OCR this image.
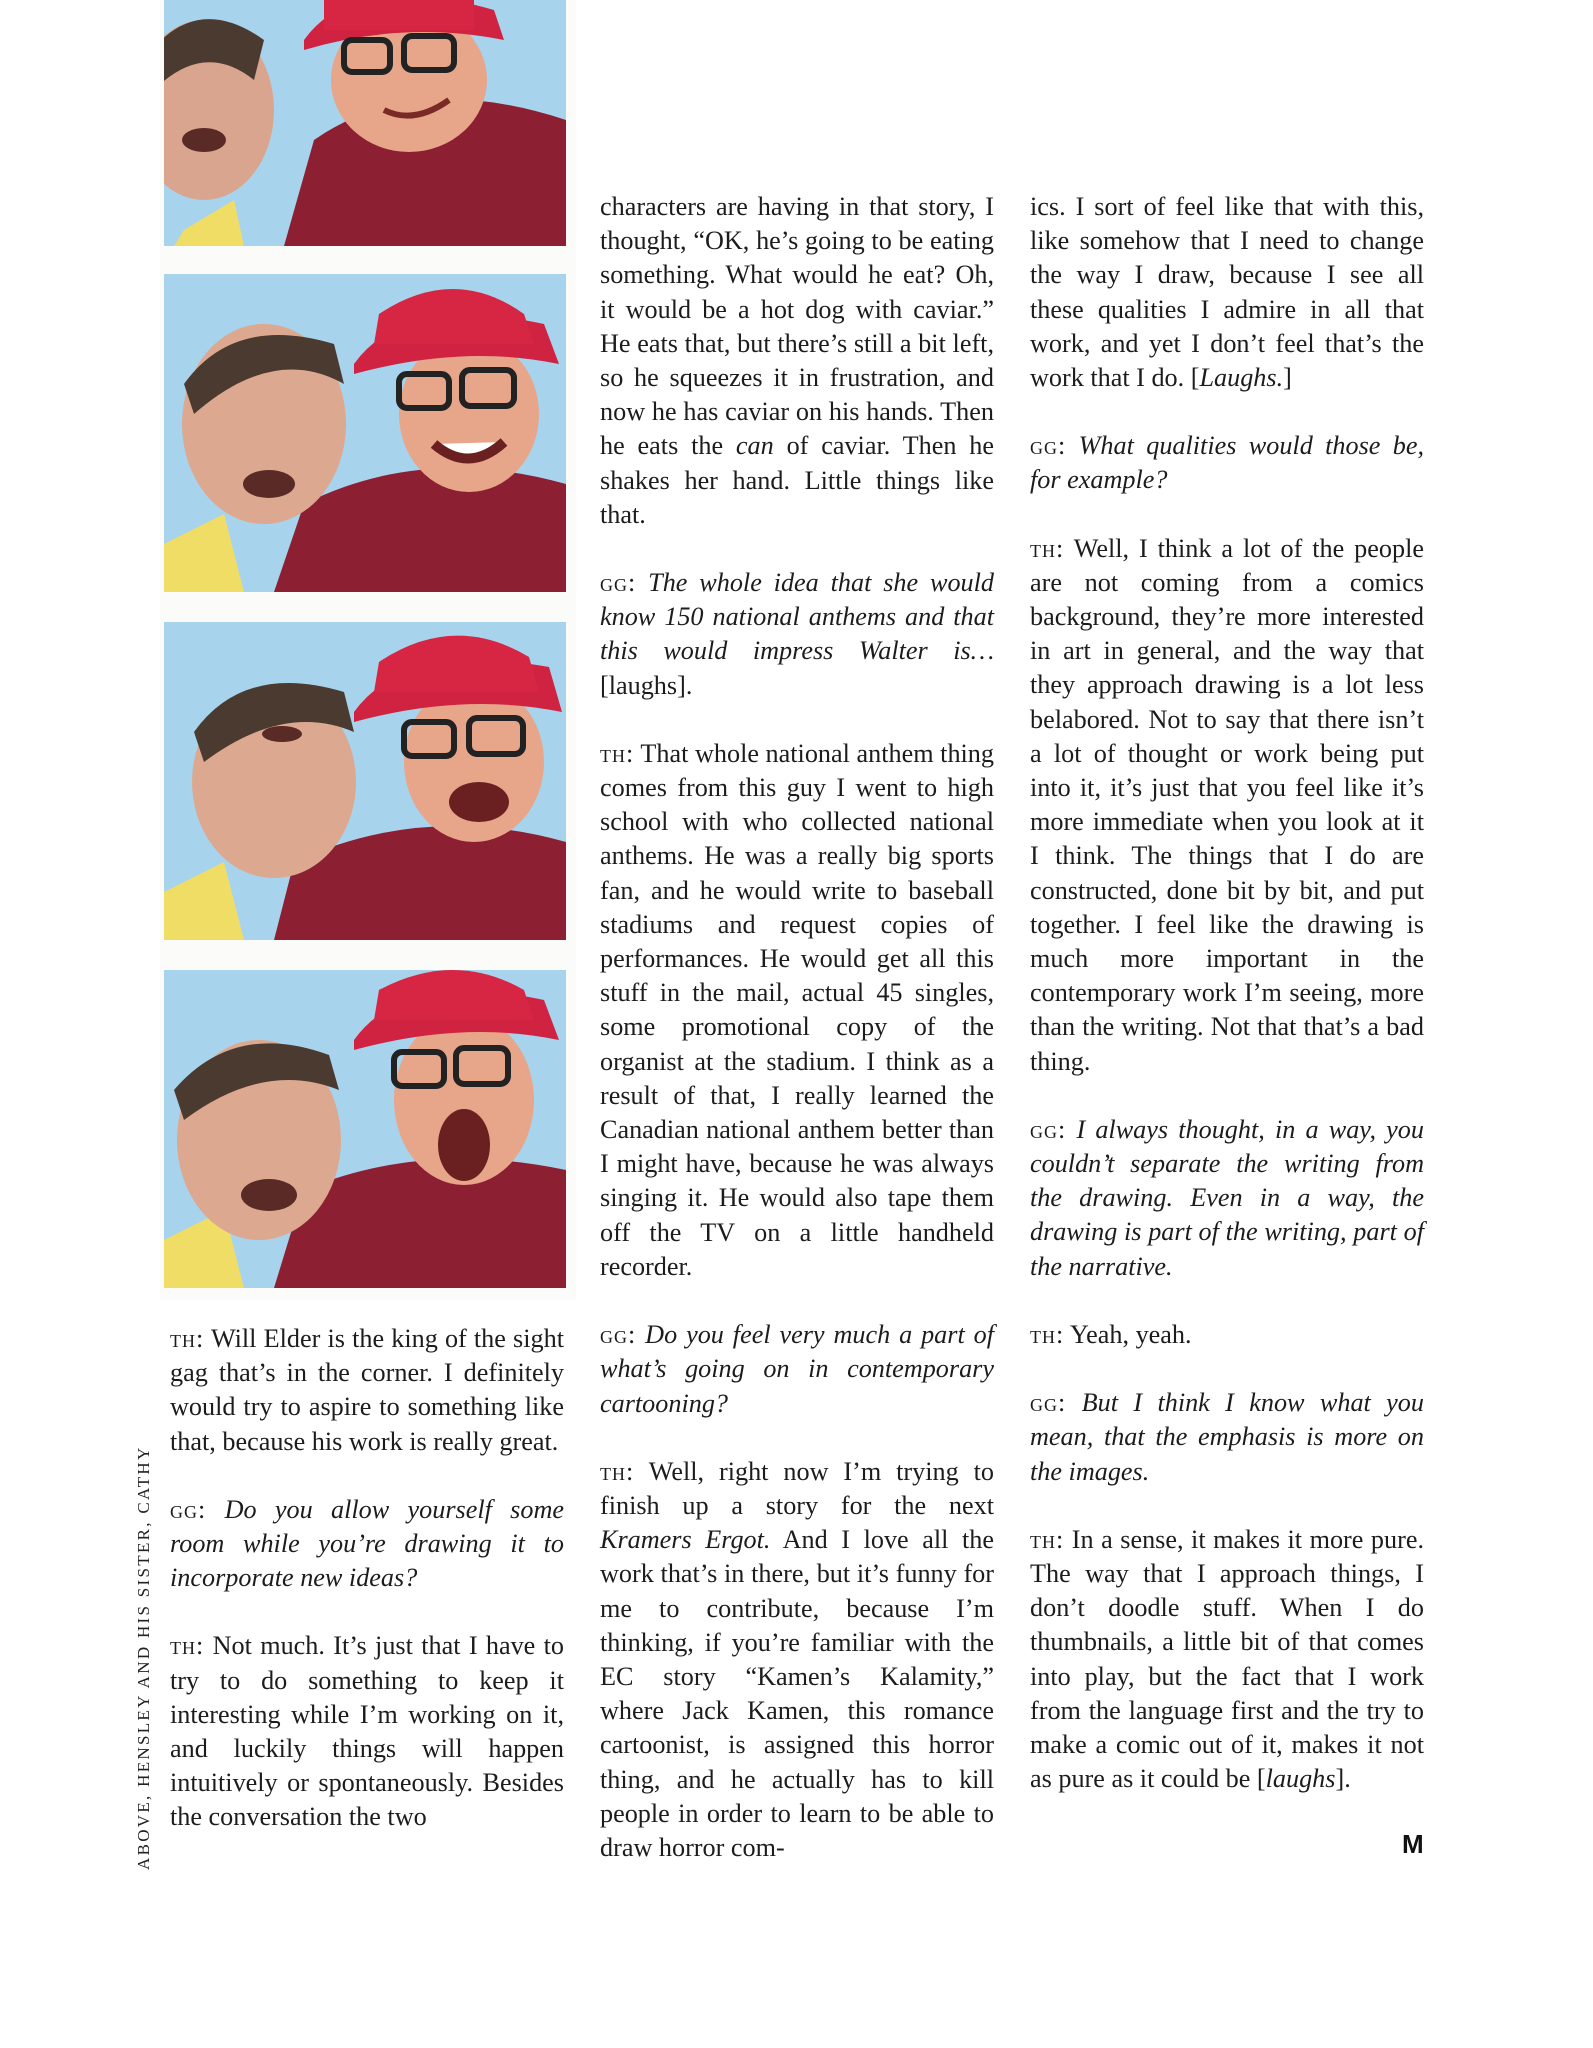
th: Will Elder is the king of the sight gag that’s in the corner. I definitely would try to aspire to something like that, because his work is really great.

gg: Do you allow yourself some room while you’re drawing it to incorporate new ideas?

th: Not much. It’s just that I have to try to do something to keep it interesting while I’m working on it, and luckily things will happen intuitively or spontaneously. Besides the conversation the two

characters are having in that story, I thought, “OK, he’s going to be eating something. What would he eat? Oh, it would be a hot dog with caviar.” He eats that, but there’s still a bit left, so he squeezes it in frustration, and now he has caviar on his hands. Then he eats the can of caviar. Then he shakes her hand. Little things like that.

gg: The whole idea that she would know 150 national anthems and that this would impress Walter is… [laughs].

th: That whole national anthem thing comes from this guy I went to high school with who collected national anthems. He was a really big sports fan, and he would write to baseball stadiums and request copies of performances. He would get all this stuff in the mail, actual 45 singles, some promotional copy of the organist at the stadium. I think as a result of that, I really learned the Canadian national anthem better than I might have, because he was always singing it. He would also tape them off the TV on a little handheld recorder.

gg: Do you feel very much a part of what’s going on in contemporary cartooning?

th: Well, right now I’m trying to finish up a story for the next Kramers Ergot. And I love all the work that’s in there, but it’s funny for me to contribute, because I’m thinking, if you’re familiar with the EC story “Kamen’s Kalamity,” where Jack Kamen, this romance cartoonist, is assigned this horror thing, and he actually has to kill people in order to learn to be able to draw horror com-

ics. I sort of feel like that with this, like somehow that I need to change the way I draw, because I see all these qualities I admire in all that work, and yet I don’t feel that’s the work that I do. [Laughs.]

gg: What qualities would those be, for example?

th: Well, I think a lot of the people are not coming from a comics background, they’re more interested in art in general, and the way that they approach drawing is a lot less belabored. Not to say that there isn’t a lot of thought or work being put into it, it’s just that you feel like it’s more immediate when you look at it I think. The things that I do are constructed, done bit by bit, and put together. I feel like the drawing is much more important in the contemporary work I’m seeing, more than the writing. Not that that’s a bad thing.

gg: I always thought, in a way, you couldn’t separate the writing from the drawing. Even in a way, the drawing is part of the writing, part of the narrative.

th: Yeah, yeah.

gg: But I think I know what you mean, that the emphasis is more on the images.

th: In a sense, it makes it more pure. The way that I approach things, I don’t doodle stuff. When I do thumbnails, a little bit of that comes into play, but the fact that I work from the language first and the try to make a comic out of it, makes it not as pure as it could be [laughs].

ABOVE, HENSLEY AND HIS SISTER, CATHY	M
